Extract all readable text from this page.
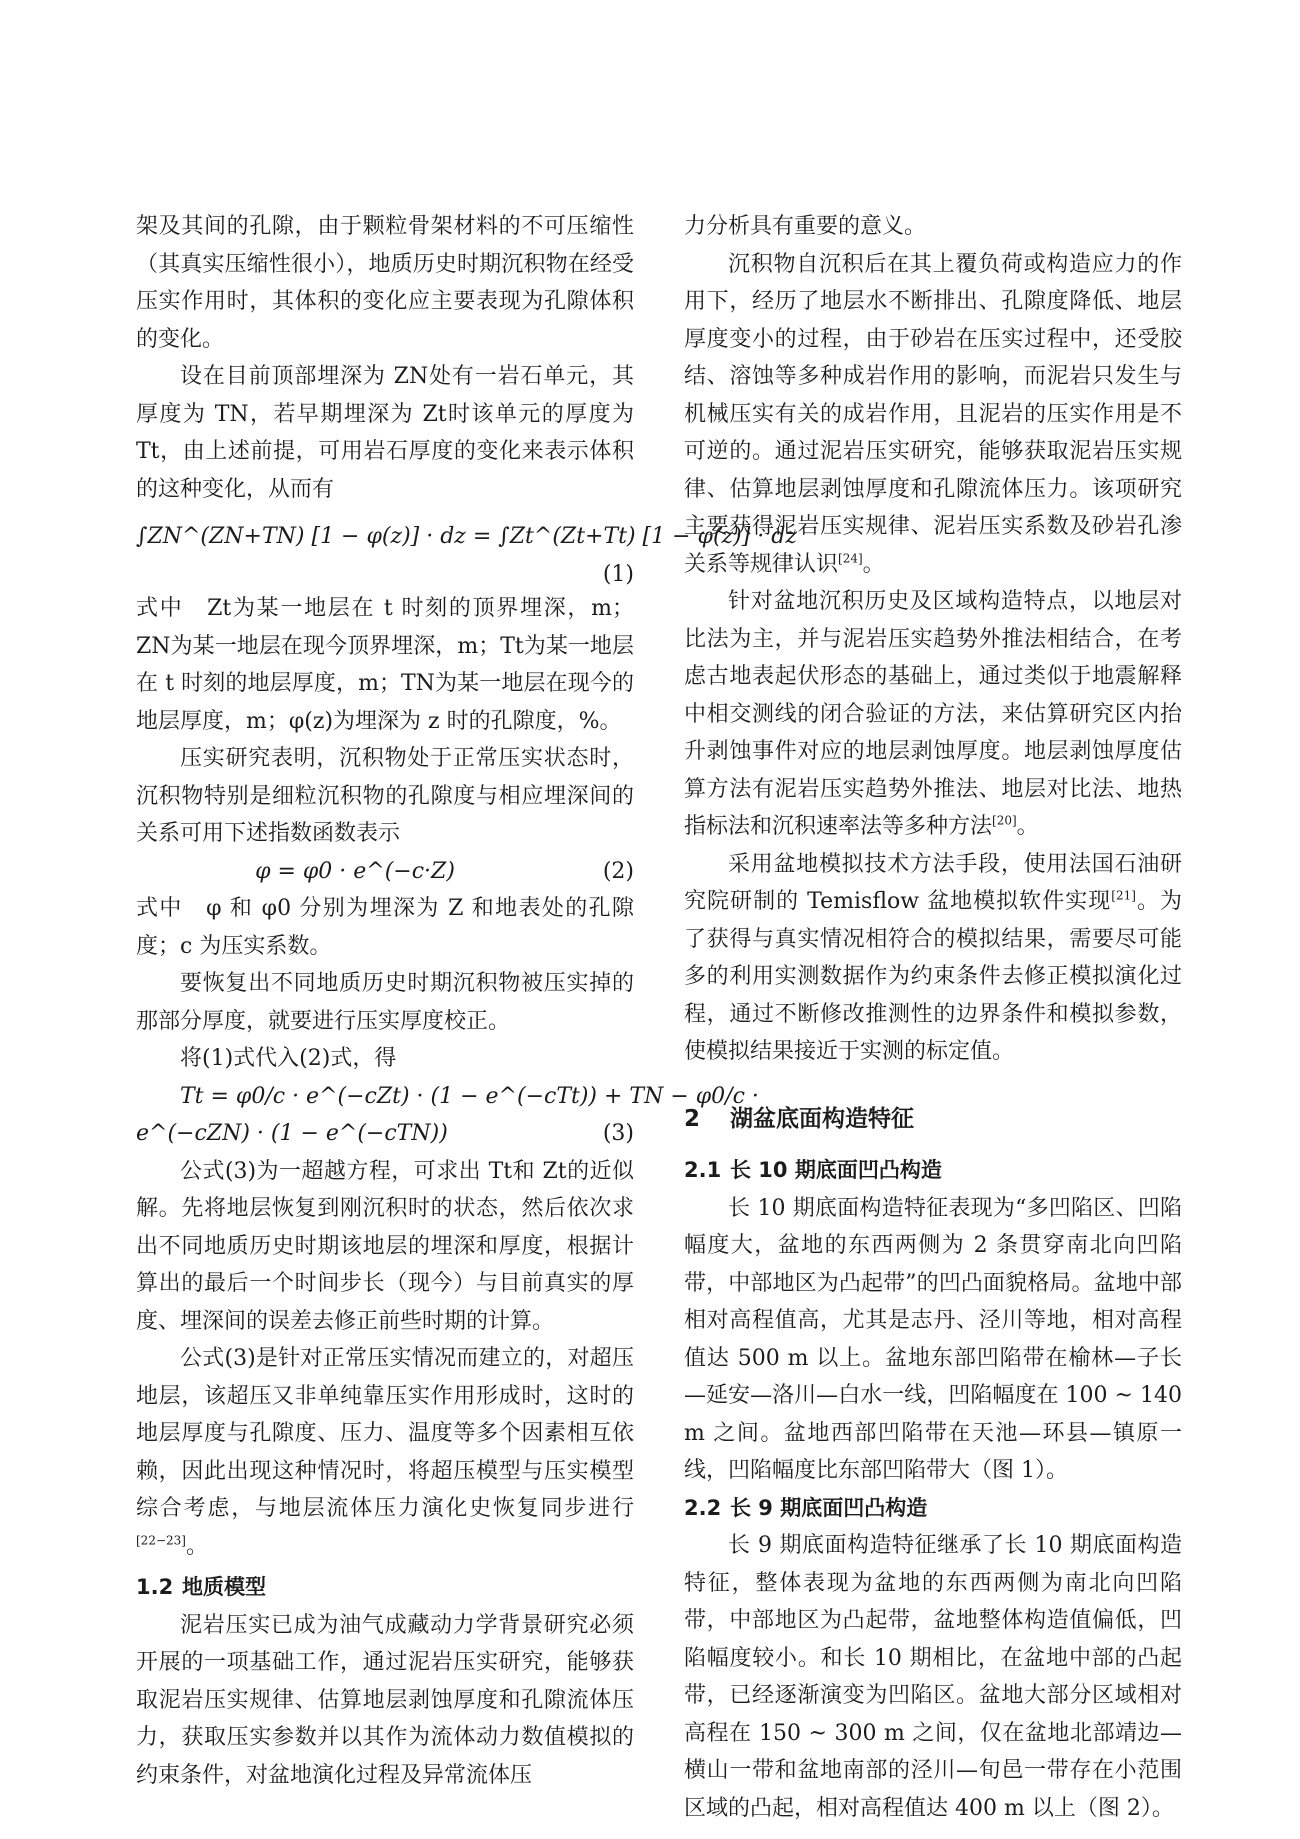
架及其间的孔隙，由于颗粒骨架材料的不可压缩性（其真实压缩性很小），地质历史时期沉积物在经受压实作用时，其体积的变化应主要表现为孔隙体积的变化。

设在目前顶部埋深为 ZN处有一岩石单元，其厚度为 TN，若早期埋深为 Zt时该单元的厚度为 Tt，由上述前提，可用岩石厚度的变化来表示体积的这种变化，从而有

∫ZN^(ZN+TN) [1 − φ(z)] · dz = ∫Zt^(Zt+Tt) [1 − φ(z)] · dz
(1)

式中　Zt为某一地层在 t 时刻的顶界埋深，m；ZN为某一地层在现今顶界埋深，m；Tt为某一地层在 t 时刻的地层厚度，m；TN为某一地层在现今的地层厚度，m；φ(z)为埋深为 z 时的孔隙度，%。

压实研究表明，沉积物处于正常压实状态时，沉积物特别是细粒沉积物的孔隙度与相应埋深间的关系可用下述指数函数表示

φ = φ0 · e^(−c·Z)	(2)

式中　φ 和 φ0 分别为埋深为 Z 和地表处的孔隙度；c 为压实系数。

要恢复出不同地质历史时期沉积物被压实掉的那部分厚度，就要进行压实厚度校正。

将(1)式代入(2)式，得

Tt = φ0/c · e^(−cZt) · (1 − e^(−cTt)) + TN − φ0/c ·
e^(−cZN) · (1 − e^(−cTN))	(3)

公式(3)为一超越方程，可求出 Tt和 Zt的近似解。先将地层恢复到刚沉积时的状态，然后依次求出不同地质历史时期该地层的埋深和厚度，根据计算出的最后一个时间步长（现今）与目前真实的厚度、埋深间的误差去修正前些时期的计算。

公式(3)是针对正常压实情况而建立的，对超压地层，该超压又非单纯靠压实作用形成时，这时的地层厚度与孔隙度、压力、温度等多个因素相互依赖，因此出现这种情况时，将超压模型与压实模型综合考虑，与地层流体压力演化史恢复同步进行[22−23]。

1.2 地质模型

泥岩压实已成为油气成藏动力学背景研究必须开展的一项基础工作，通过泥岩压实研究，能够获取泥岩压实规律、估算地层剥蚀厚度和孔隙流体压力，获取压实参数并以其作为流体动力数值模拟的约束条件，对盆地演化过程及异常流体压

力分析具有重要的意义。

沉积物自沉积后在其上覆负荷或构造应力的作用下，经历了地层水不断排出、孔隙度降低、地层厚度变小的过程，由于砂岩在压实过程中，还受胶结、溶蚀等多种成岩作用的影响，而泥岩只发生与机械压实有关的成岩作用，且泥岩的压实作用是不可逆的。通过泥岩压实研究，能够获取泥岩压实规律、估算地层剥蚀厚度和孔隙流体压力。该项研究主要获得泥岩压实规律、泥岩压实系数及砂岩孔渗关系等规律认识[24]。

针对盆地沉积历史及区域构造特点，以地层对比法为主，并与泥岩压实趋势外推法相结合，在考虑古地表起伏形态的基础上，通过类似于地震解释中相交测线的闭合验证的方法，来估算研究区内抬升剥蚀事件对应的地层剥蚀厚度。地层剥蚀厚度估算方法有泥岩压实趋势外推法、地层对比法、地热指标法和沉积速率法等多种方法[20]。

采用盆地模拟技术方法手段，使用法国石油研究院研制的 Temisflow 盆地模拟软件实现[21]。为了获得与真实情况相符合的模拟结果，需要尽可能多的利用实测数据作为约束条件去修正模拟演化过程，通过不断修改推测性的边界条件和模拟参数，使模拟结果接近于实测的标定值。

2 湖盆底面构造特征
2.1 长 10 期底面凹凸构造

长 10 期底面构造特征表现为“多凹陷区、凹陷幅度大，盆地的东西两侧为 2 条贯穿南北向凹陷带，中部地区为凸起带”的凹凸面貌格局。盆地中部相对高程值高，尤其是志丹、泾川等地，相对高程值达 500 m 以上。盆地东部凹陷带在榆林—子长—延安—洛川—白水一线，凹陷幅度在 100 ~ 140 m 之间。盆地西部凹陷带在天池—环县—镇原一线，凹陷幅度比东部凹陷带大（图 1）。

2.2 长 9 期底面凹凸构造

长 9 期底面构造特征继承了长 10 期底面构造特征，整体表现为盆地的东西两侧为南北向凹陷带，中部地区为凸起带，盆地整体构造值偏低，凹陷幅度较小。和长 10 期相比，在盆地中部的凸起带，已经逐渐演变为凹陷区。盆地大部分区域相对高程在 150 ~ 300 m 之间，仅在盆地北部靖边—横山一带和盆地南部的泾川—旬邑一带存在小范围区域的凸起，相对高程值达 400 m 以上（图 2）。
